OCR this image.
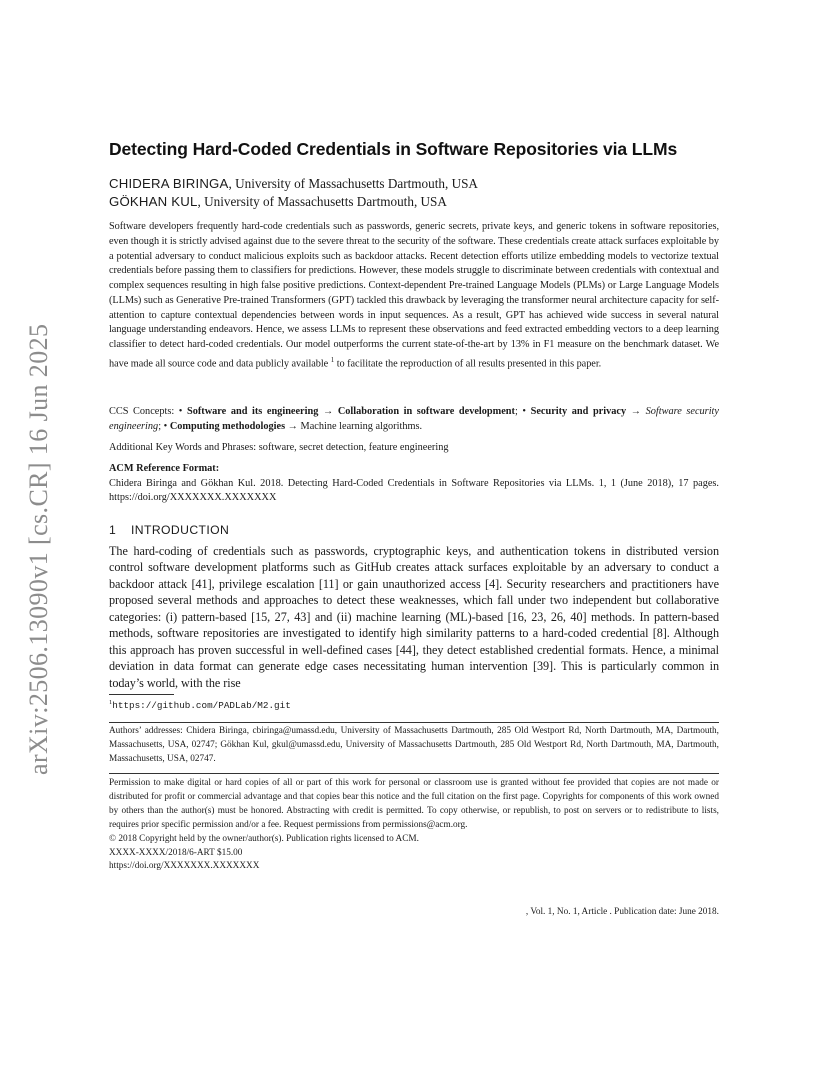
arXiv:2506.13090v1 [cs.CR] 16 Jun 2025
Detecting Hard-Coded Credentials in Software Repositories via LLMs
CHIDERA BIRINGA, University of Massachusetts Dartmouth, USA
GÖKHAN KUL, University of Massachusetts Dartmouth, USA
Software developers frequently hard-code credentials such as passwords, generic secrets, private keys, and generic tokens in software repositories, even though it is strictly advised against due to the severe threat to the security of the software. These credentials create attack surfaces exploitable by a potential adversary to conduct malicious exploits such as backdoor attacks. Recent detection efforts utilize embedding models to vectorize textual credentials before passing them to classifiers for predictions. However, these models struggle to discriminate between credentials with contextual and complex sequences resulting in high false positive predictions. Context-dependent Pre-trained Language Models (PLMs) or Large Language Models (LLMs) such as Generative Pre-trained Transformers (GPT) tackled this drawback by leveraging the transformer neural architecture capacity for self-attention to capture contextual dependencies between words in input sequences. As a result, GPT has achieved wide success in several natural language understanding endeavors. Hence, we assess LLMs to represent these observations and feed extracted embedding vectors to a deep learning classifier to detect hard-coded credentials. Our model outperforms the current state-of-the-art by 13% in F1 measure on the benchmark dataset. We have made all source code and data publicly available $^1$ to facilitate the reproduction of all results presented in this paper.
CCS Concepts: • Software and its engineering → Collaboration in software development; • Security and privacy → Software security engineering; • Computing methodologies → Machine learning algorithms.
Additional Key Words and Phrases: software, secret detection, feature engineering
ACM Reference Format:
Chidera Biringa and Gökhan Kul. 2018. Detecting Hard-Coded Credentials in Software Repositories via LLMs. 1, 1 (June 2018), 17 pages. https://doi.org/XXXXXXX.XXXXXXX
1 INTRODUCTION
The hard-coding of credentials such as passwords, cryptographic keys, and authentication tokens in distributed version control software development platforms such as GitHub creates attack surfaces exploitable by an adversary to conduct a backdoor attack [41], privilege escalation [11] or gain unauthorized access [4]. Security researchers and practitioners have proposed several methods and approaches to detect these weaknesses, which fall under two independent but collaborative categories: (i) pattern-based [15, 27, 43] and (ii) machine learning (ML)-based [16, 23, 26, 40] methods. In pattern-based methods, software repositories are investigated to identify high similarity patterns to a hard-coded credential [8]. Although this approach has proven successful in well-defined cases [44], they detect established credential formats. Hence, a minimal deviation in data format can generate edge cases necessitating human intervention [39]. This is particularly common in today’s world, with the rise
$^1$https://github.com/PADLab/M2.git
Authors’ addresses: Chidera Biringa, cbiringa@umassd.edu, University of Massachusetts Dartmouth, 285 Old Westport Rd, North Dartmouth, MA, Dartmouth, Massachusetts, USA, 02747; Gökhan Kul, gkul@umassd.edu, University of Massachusetts Dartmouth, 285 Old Westport Rd, North Dartmouth, MA, Dartmouth, Massachusetts, USA, 02747.
Permission to make digital or hard copies of all or part of this work for personal or classroom use is granted without fee provided that copies are not made or distributed for profit or commercial advantage and that copies bear this notice and the full citation on the first page. Copyrights for components of this work owned by others than the author(s) must be honored. Abstracting with credit is permitted. To copy otherwise, or republish, to post on servers or to redistribute to lists, requires prior specific permission and/or a fee. Request permissions from permissions@acm.org.
© 2018 Copyright held by the owner/author(s). Publication rights licensed to ACM.
XXXX-XXXX/2018/6-ART $15.00
https://doi.org/XXXXXXX.XXXXXXX
, Vol. 1, No. 1, Article . Publication date: June 2018.
